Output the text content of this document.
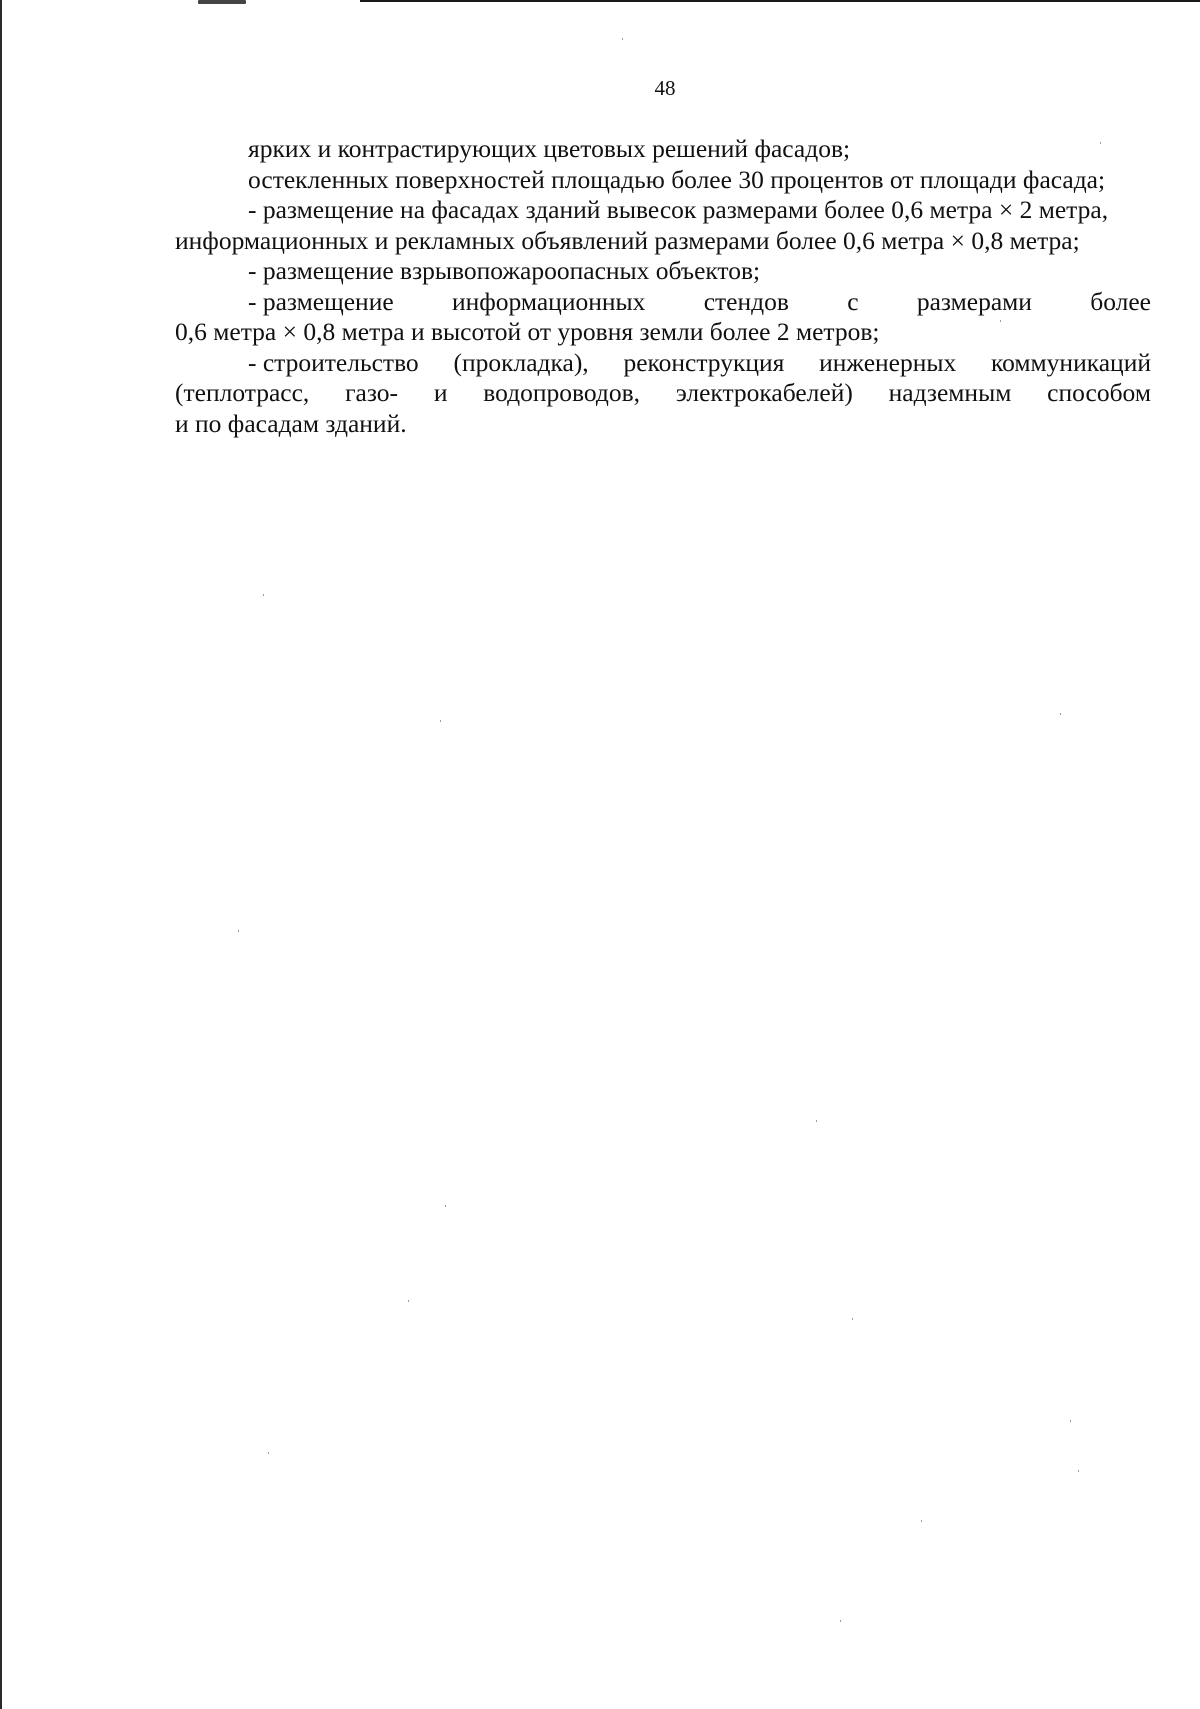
48
ярких и контрастирующих цветовых решений фасадов;
остекленных поверхностей площадью более 30 процентов от площади фасада;
- размещение на фасадах зданий вывесок размерами более 0,6 метра × 2 метра,
информационных и рекламных объявлений размерами более 0,6 метра × 0,8 метра;
- размещение взрывопожароопасных объектов;
- размещение информационных стендов с размерами более
0,6 метра × 0,8 метра и высотой от уровня земли более 2 метров;
- строительство (прокладка), реконструкция инженерных коммуникаций
(теплотрасс, газо- и водопроводов, электрокабелей) надземным способом
и по фасадам зданий.
